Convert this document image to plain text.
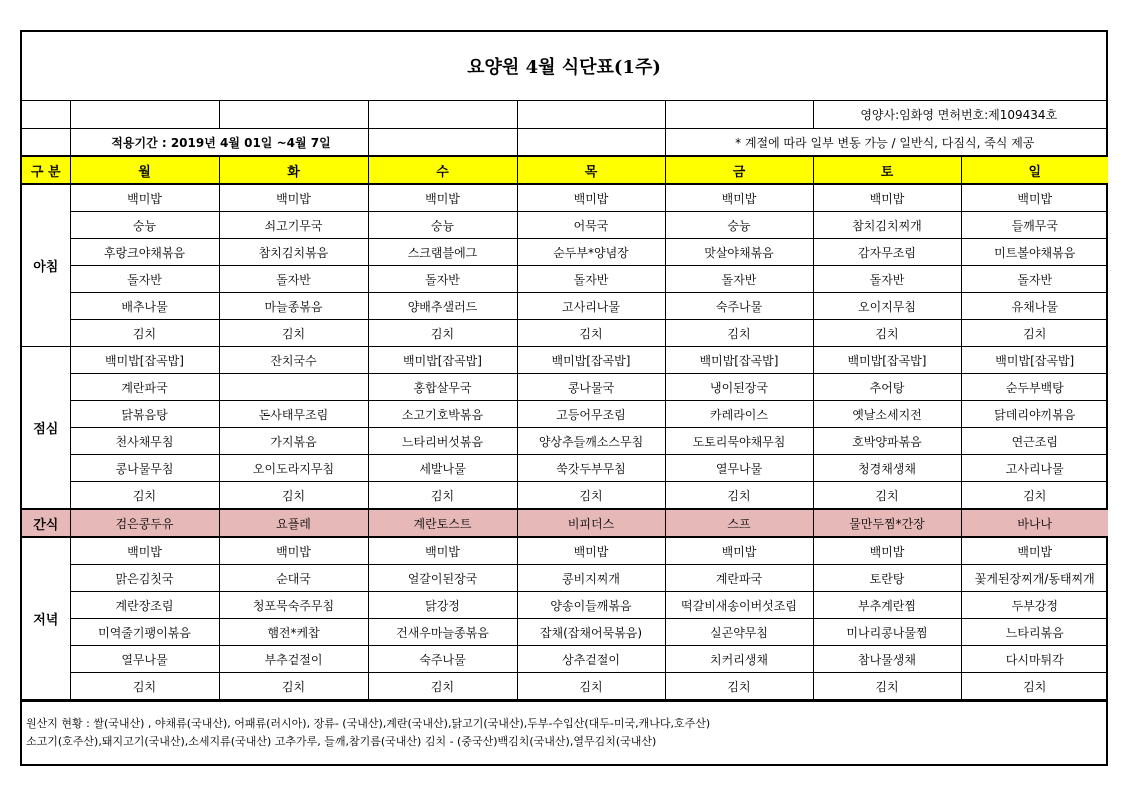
요양원 4월 식단표(1주)
						영양사:임화영 면허번호:제109434호	
	적용기간 : 2019년 4월 01일 ~4월 7일				* 계절에 따라 일부 변동 가능 / 일반식, 다짐식, 죽식 제공		
구 분	월	화	수	목	금	토	일
아침	백미밥	백미밥	백미밥	백미밥	백미밥	백미밥	백미밥
	숭늉	쇠고기무국	숭늉	어묵국	숭늉	참치김치찌개	들깨무국
	후랑크야채볶음	참치김치볶음	스크램블에그	순두부*양념장	맛살야채볶음	감자무조림	미트볼야채볶음
	돌자반	돌자반	돌자반	돌자반	돌자반	돌자반	돌자반
	배추나물	마늘종볶음	양배추샐러드	고사리나물	숙주나물	오이지무침	유채나물
	김치	김치	김치	김치	김치	김치	김치
점심	백미밥[잡곡밥]	잔치국수	백미밥[잡곡밥]	백미밥[잡곡밥]	백미밥[잡곡밥]	백미밥[잡곡밥]	백미밥[잡곡밥]
	계란파국		홍합살무국	콩나물국	냉이된장국	추어탕	순두부백탕
	닭볶음탕	돈사태무조림	소고기호박볶음	고등어무조림	카레라이스	옛날소세지전	닭데리야끼볶음
	천사채무침	가지볶음	느타리버섯볶음	양상추들깨소스무침	도토리묵야채무침	호박양파볶음	연근조림
	콩나물무침	오이도라지무침	세발나물	쑥갓두부무침	열무나물	청경채생채	고사리나물
	김치	김치	김치	김치	김치	김치	김치
간식	검은콩두유	요플레	계란토스트	비피더스	스프	물만두찜*간장	바나나
저녁	백미밥	백미밥	백미밥	백미밥	백미밥	백미밥	백미밥
	맑은김칫국	순대국	얼갈이된장국	콩비지찌개	계란파국	토란탕	꽃게된장찌개/동태찌개
	계란장조림	청포묵숙주무침	닭강정	양송이들깨볶음	떡갈비새송이버섯조림	부추계란찜	두부강정
	미역줄기팽이볶음	햄전*케찹	건새우마늘종볶음	잡채(잡채어묵볶음)	실곤약무침	미나리콩나물찜	느타리볶음
	열무나물	부추겉절이	숙주나물	상추겉절이	치커리생채	참나물생채	다시마튀각
	김치	김치	김치	김치	김치	김치	김치
원산지 현황 : 쌀(국내산) , 야채류(국내산), 어패류(러시아), 장류- (국내산),계란(국내산),닭고기(국내산),두부-수입산(대두-미국,캐나다,호주산)
소고기(호주산),돼지고기(국내산),소세지류(국내산) 고추가루, 들깨,참기름(국내산) 김치 - (중국산)백김치(국내산),열무김치(국내산)
